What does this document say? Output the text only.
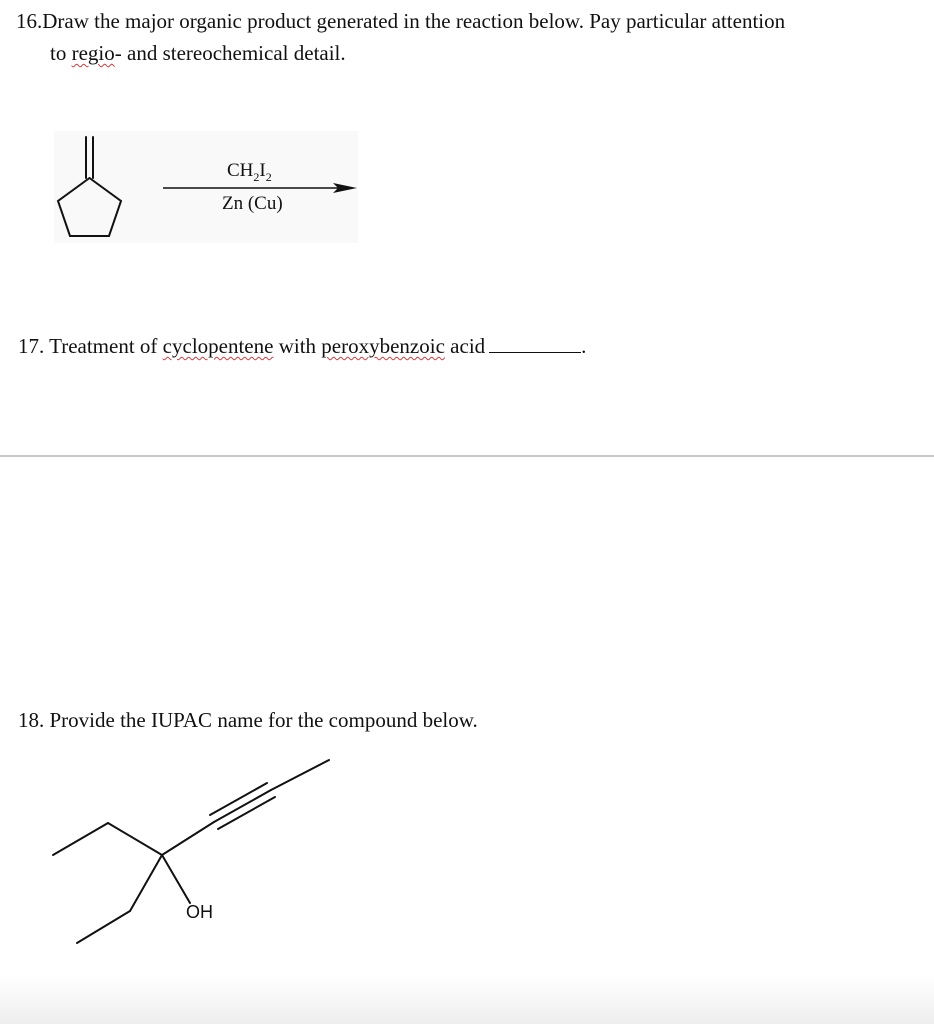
16.Draw the major organic product generated in the reaction below. Pay particular attention
to regio- and stereochemical detail.
$CH_2I_2$
Zn (Cu)
17. Treatment of cyclopentene with peroxybenzoic acid	.
18. Provide the IUPAC name for the compound below.
OH
